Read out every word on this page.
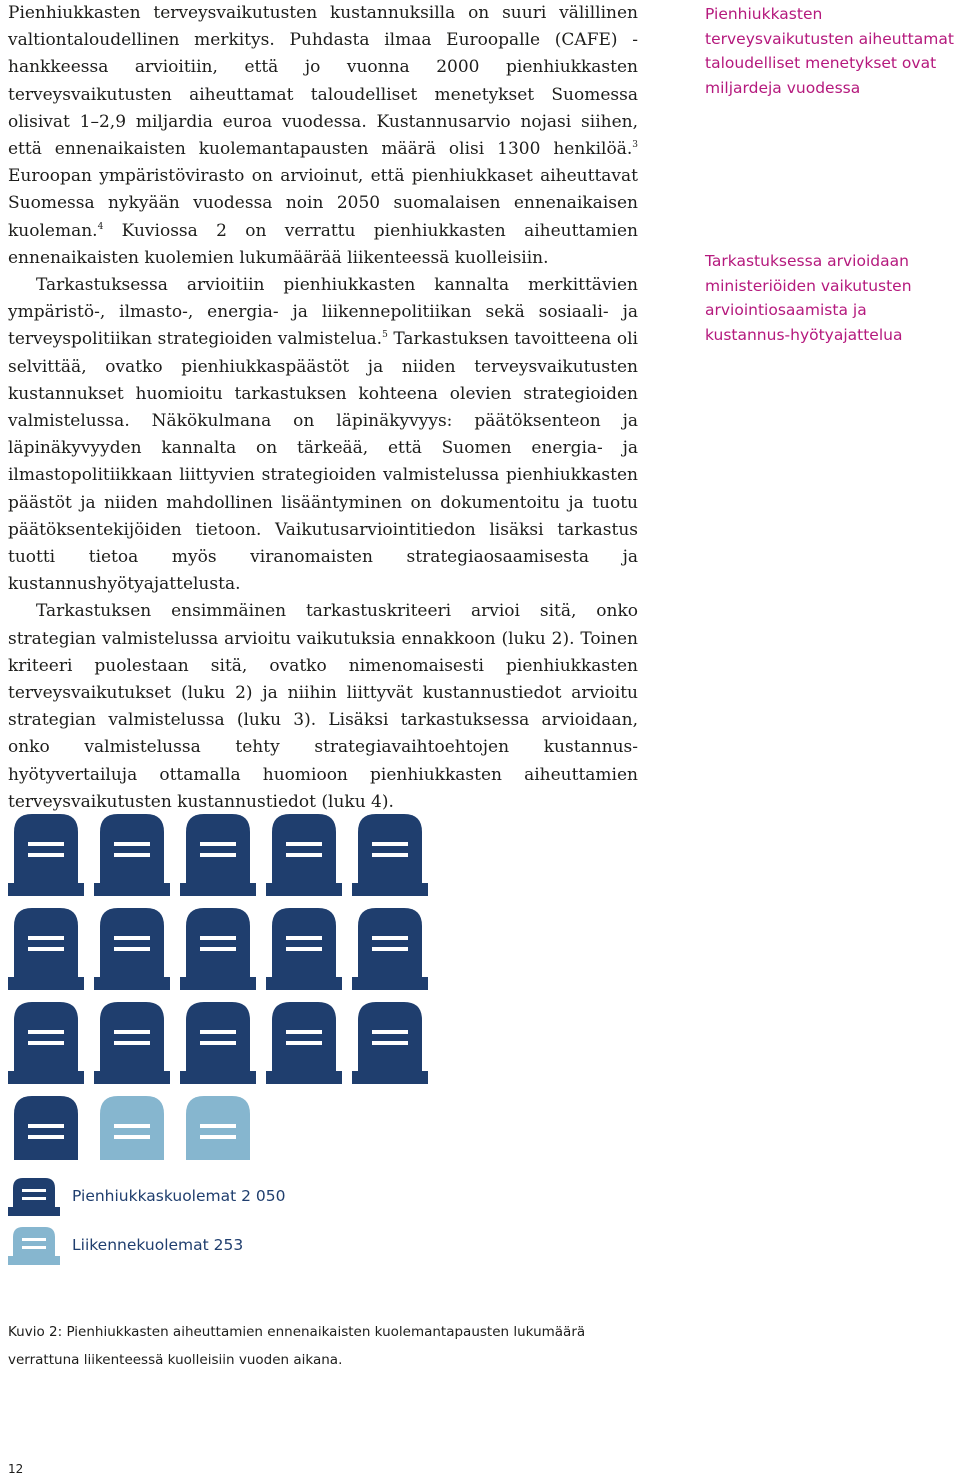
Pienhiukkasten terveysvaikutusten kustannuksilla on suuri välillinen valtiontaloudellinen merkitys. Puhdasta ilmaa Euroopalle (CAFE) -hankkeessa arvioitiin, että jo vuonna 2000 pienhiukkasten terveysvaikutusten aiheuttamat taloudelliset menetykset Suomessa olisivat 1–2,9 miljardia euroa vuodessa. Kustannusarvio nojasi siihen, että ennenaikaisten kuolemantapausten määrä olisi 1300 henkilöä.$^3$ Euroopan ympäristövirasto on arvioinut, että pienhiukkaset aiheuttavat Suomessa nykyään vuodessa noin 2050 suomalaisen ennenaikaisen kuoleman.$^4$ Kuviossa 2 on verrattu pienhiukkasten aiheuttamien ennenaikaisten kuolemien lukumäärää liikenteessä kuolleisiin.

Tarkastuksessa arvioitiin pienhiukkasten kannalta merkittävien ympäristö-, ilmasto-, energia- ja liikennepolitiikan sekä sosiaali- ja terveyspolitiikan strategioiden valmistelua.$^5$ Tarkastuksen tavoitteena oli selvittää, ovatko pienhiukkaspäästöt ja niiden terveysvaikutusten kustannukset huomioitu tarkastuksen kohteena olevien strategioiden valmistelussa. Näkökulmana on läpinäkyvyys: päätöksenteon ja läpinäkyvyyden kannalta on tärkeää, että Suomen energia- ja ilmastopolitiikkaan liittyvien strategioiden valmistelussa pienhiukkasten päästöt ja niiden mahdollinen lisääntyminen on dokumentoitu ja tuotu päätöksentekijöiden tietoon. Vaikutusarviointitiedon lisäksi tarkastus tuotti tietoa myös viranomaisten strategiaosaamisesta ja kustannushyötyajattelusta.

Tarkastuksen ensimmäinen tarkastuskriteeri arvioi sitä, onko strategian valmistelussa arvioitu vaikutuksia ennakkoon (luku 2). Toinen kriteeri puolestaan sitä, ovatko nimenomaisesti pienhiukkasten terveysvaikutukset (luku 2) ja niihin liittyvät kustannustiedot arvioitu strategian valmistelussa (luku 3). Lisäksi tarkastuksessa arvioidaan, onko valmistelussa tehty strategiavaihtoehtojen kustannus-hyötyvertailuja ottamalla huomioon pienhiukkasten aiheuttamien terveysvaikutusten kustannustiedot (luku 4).

Pienhiukkasten terveysvaikutusten aiheuttamat taloudelliset menetykset ovat miljardeja vuodessa
Tarkastuksessa arvioidaan ministeriöiden vaikutusten arviointiosaamista ja kustannus-hyötyajattelua
Pienhiukkaskuolemat 2 050
Liikennekuolemat 253
Kuvio 2: Pienhiukkasten aiheuttamien ennenaikaisten kuolemantapausten lukumäärä
verrattuna liikenteessä kuolleisiin vuoden aikana.
12
